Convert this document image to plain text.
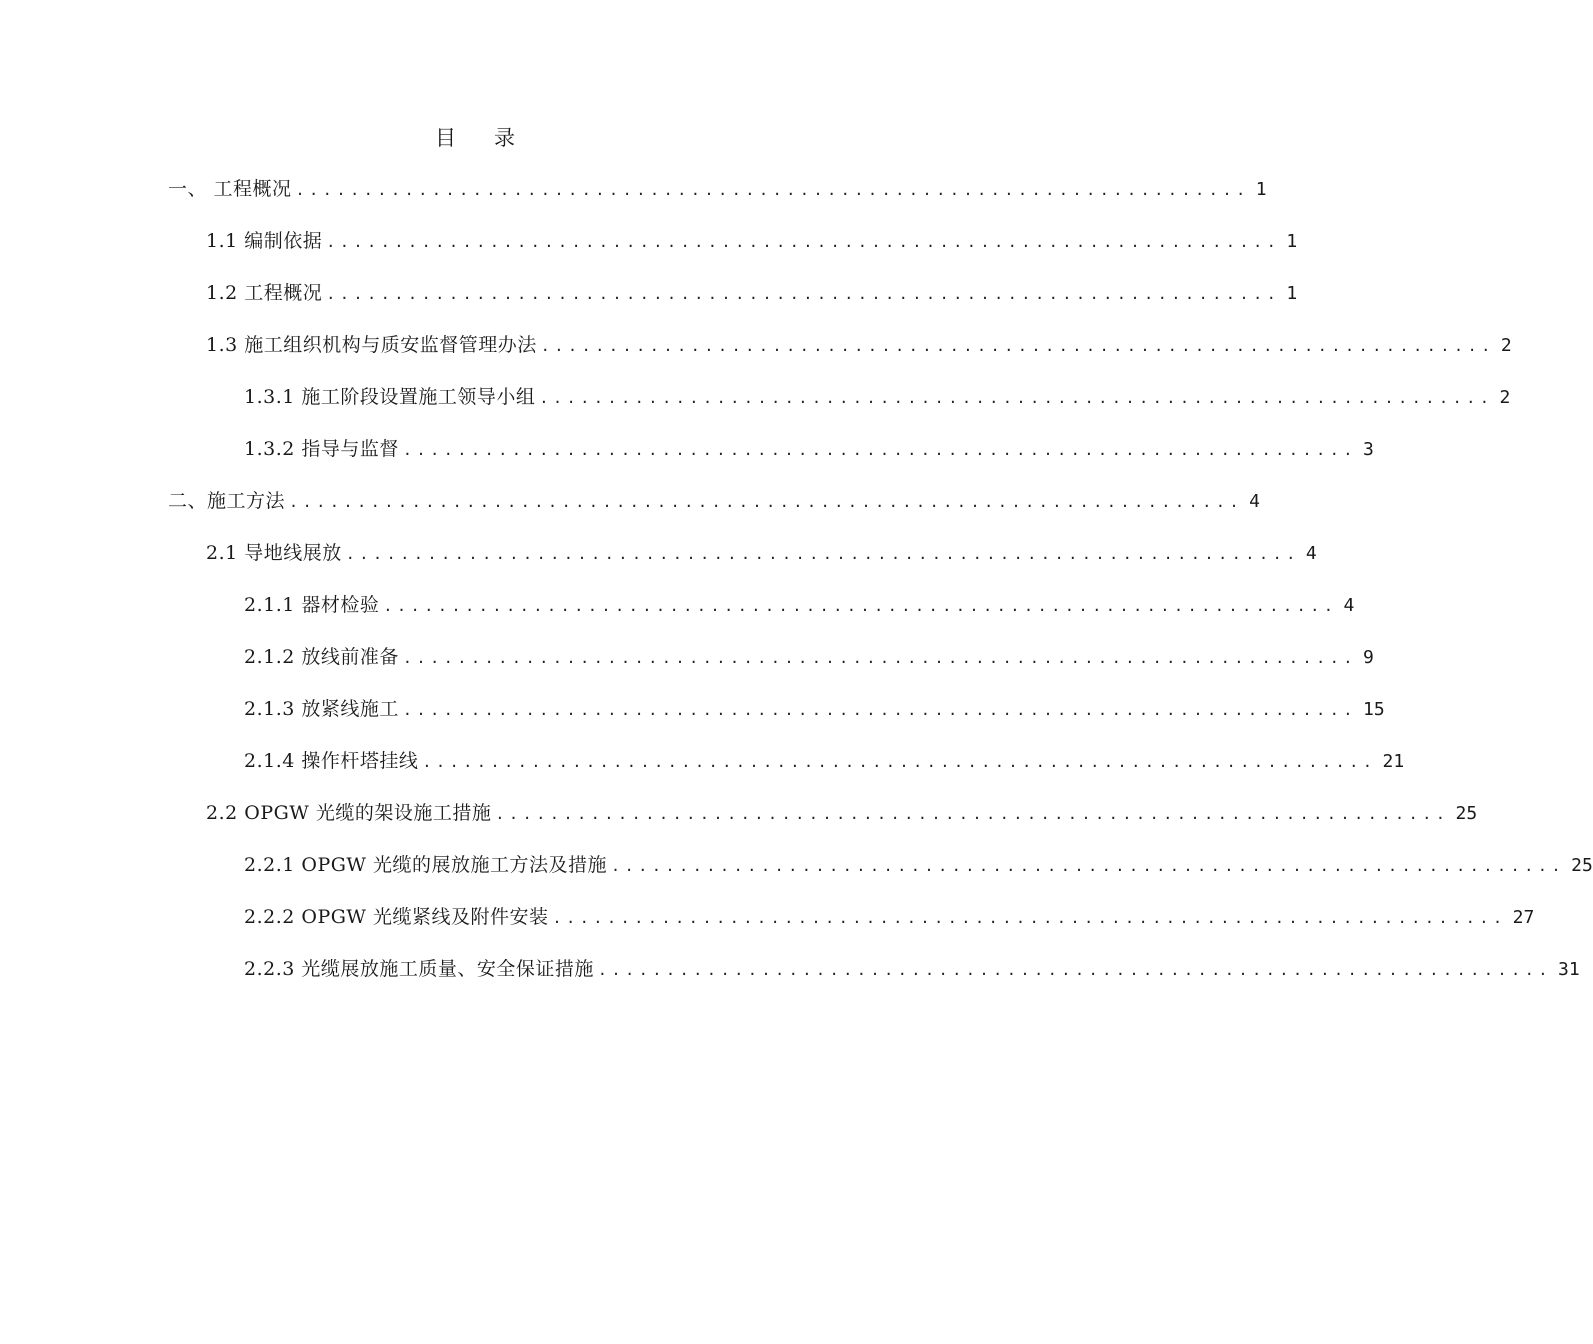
目 录
一、 工程概况 ...................................................................... 1
1.1 编制依据 ...................................................................... 1
1.2 工程概况 ...................................................................... 1
1.3 施工组织机构与质安监督管理办法 ...................................................................... 2
1.3.1 施工阶段设置施工领导小组 ...................................................................... 2
1.3.2 指导与监督 ...................................................................... 3
二、施工方法 ...................................................................... 4
2.1 导地线展放 ...................................................................... 4
2.1.1 器材检验 ...................................................................... 4
2.1.2 放线前准备 ...................................................................... 9
2.1.3 放紧线施工 ...................................................................... 15
2.1.4 操作杆塔挂线 ...................................................................... 21
2.2 OPGW 光缆的架设施工措施 ...................................................................... 25
2.2.1 OPGW 光缆的展放施工方法及措施 ...................................................................... 25
2.2.2 OPGW 光缆紧线及附件安装 ...................................................................... 27
2.2.3 光缆展放施工质量、安全保证措施 ...................................................................... 31
